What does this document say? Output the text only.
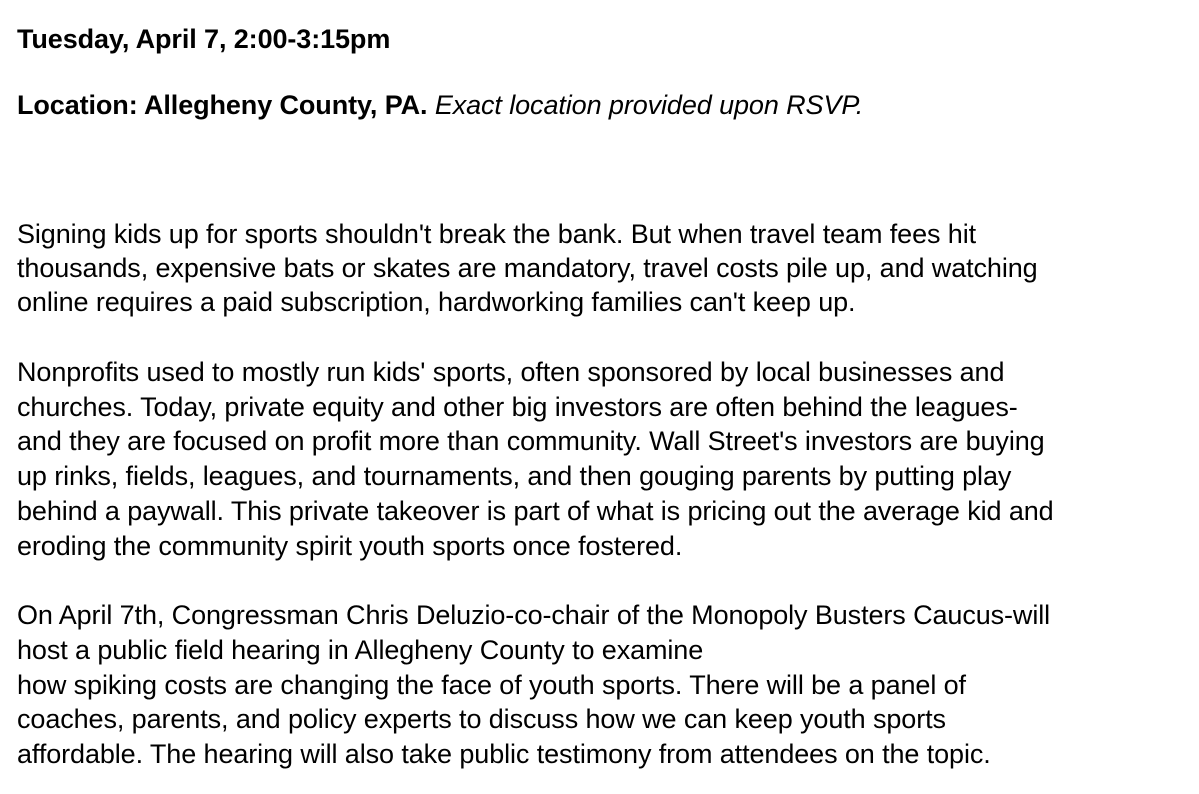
Tuesday, April 7, 2:00-3:15pm
Location: Allegheny County, PA. Exact location provided upon RSVP.
Signing kids up for sports shouldn't break the bank. But when travel team fees hit
thousands, expensive bats or skates are mandatory, travel costs pile up, and watching
online requires a paid subscription, hardworking families can't keep up.
Nonprofits used to mostly run kids' sports, often sponsored by local businesses and
churches. Today, private equity and other big investors are often behind the leagues-
and they are focused on profit more than community. Wall Street's investors are buying
up rinks, fields, leagues, and tournaments, and then gouging parents by putting play
behind a paywall. This private takeover is part of what is pricing out the average kid and
eroding the community spirit youth sports once fostered.
On April 7th, Congressman Chris Deluzio-co-chair of the Monopoly Busters Caucus-will
host a public field hearing in Allegheny County to examine
how spiking costs are changing the face of youth sports. There will be a panel of
coaches, parents, and policy experts to discuss how we can keep youth sports
affordable. The hearing will also take public testimony from attendees on the topic.
